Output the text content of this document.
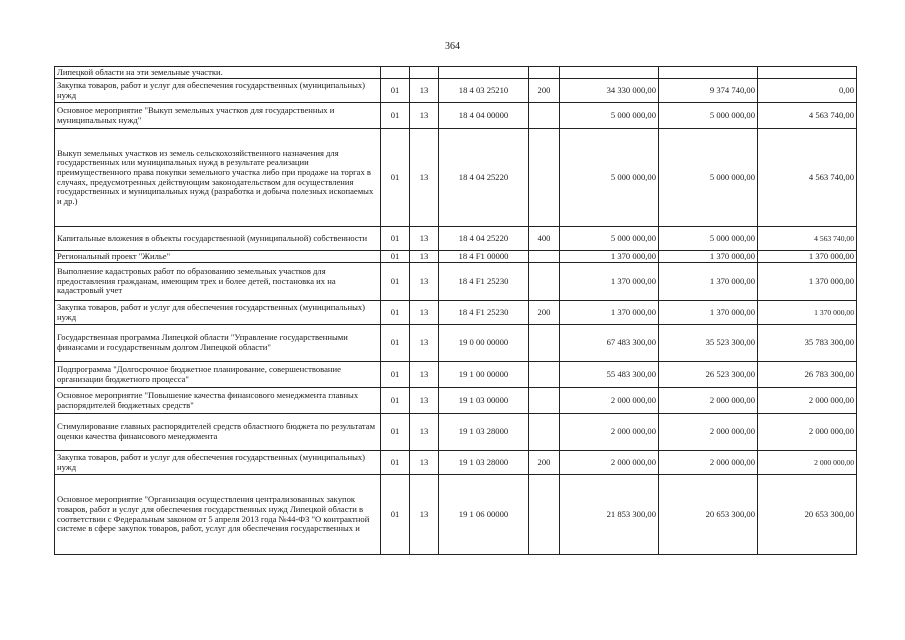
364
Липецкой области на эти земельные участки.							
Закупка товаров, работ и услуг для обеспечения государственных (муниципальных) нужд	01	13	18 4 03 25210	200	34 330 000,00	9 374 740,00	0,00
Основное мероприятие "Выкуп земельных участков для государственных и муниципальных нужд"	01	13	18 4 04 00000		5 000 000,00	5 000 000,00	4 563 740,00
Выкуп земельных участков из земель сельскохозяйственного назначения для государственных или муниципальных нужд в результате реализации преимущественного права покупки земельного участка либо при продаже на торгах в случаях, предусмотренных действующим законодательством для осуществления государственных и муниципальных нужд (разработка и добыча полезных ископаемых и др.)	01	13	18 4 04 25220		5 000 000,00	5 000 000,00	4 563 740,00
Капитальные вложения в объекты государственной (муниципальной) собственности	01	13	18 4 04 25220	400	5 000 000,00	5 000 000,00	4 563 740,00
Региональный проект "Жилье"	01	13	18 4 F1 00000		1 370 000,00	1 370 000,00	1 370 000,00
Выполнение кадастровых работ по образованию земельных участков для предоставления гражданам, имеющим трех и более детей, постановка их на кадастровый учет	01	13	18 4 F1 25230		1 370 000,00	1 370 000,00	1 370 000,00
Закупка товаров, работ и услуг для обеспечения государственных (муниципальных) нужд	01	13	18 4 F1 25230	200	1 370 000,00	1 370 000,00	1 370 000,00
Государственная программа Липецкой области "Управление государственными финансами и государственным долгом Липецкой области"	01	13	19 0 00 00000		67 483 300,00	35 523 300,00	35 783 300,00
Подпрограмма "Долгосрочное бюджетное планирование, совершенствование организации бюджетного процесса"	01	13	19 1 00 00000		55 483 300,00	26 523 300,00	26 783 300,00
Основное мероприятие "Повышение качества финансового менеджмента главных распорядителей бюджетных средств"	01	13	19 1 03 00000		2 000 000,00	2 000 000,00	2 000 000,00
Стимулирование главных распорядителей средств областного бюджета по результатам оценки качества финансового менеджмента	01	13	19 1 03 28000		2 000 000,00	2 000 000,00	2 000 000,00
Закупка товаров, работ и услуг для обеспечения государственных (муниципальных) нужд	01	13	19 1 03 28000	200	2 000 000,00	2 000 000,00	2 000 000,00
Основное мероприятие "Организация осуществления централизованных закупок товаров, работ и услуг для обеспечения государственных нужд Липецкой области в соответствии с Федеральным законом от 5 апреля 2013 года №44-ФЗ "О контрактной системе в сфере закупок товаров, работ, услуг для обеспечения государственных и	01	13	19 1 06 00000		21 853 300,00	20 653 300,00	20 653 300,00
